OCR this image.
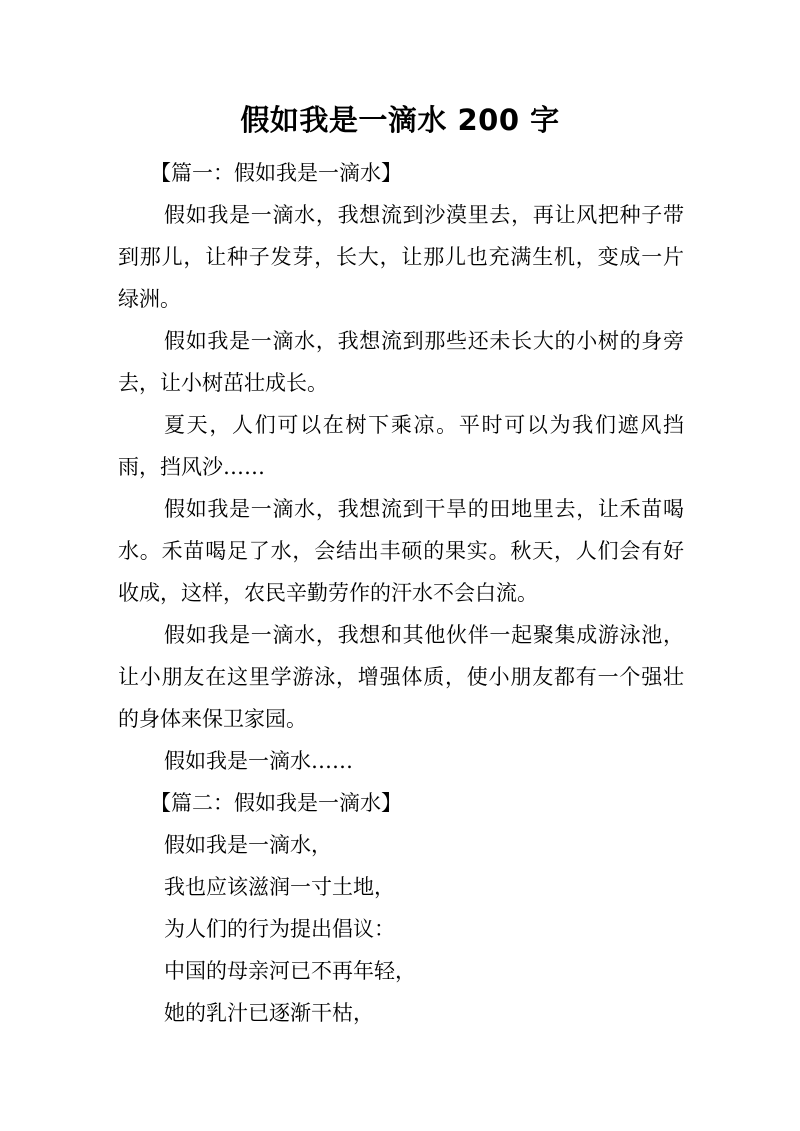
假如我是一滴水 200 字

【篇一：假如我是一滴水】

假如我是一滴水，我想流到沙漠里去，再让风把种子带到那儿，让种子发芽，长大，让那儿也充满生机，变成一片绿洲。

假如我是一滴水，我想流到那些还未长大的小树的身旁去，让小树茁壮成长。

夏天，人们可以在树下乘凉。平时可以为我们遮风挡雨，挡风沙……

假如我是一滴水，我想流到干旱的田地里去，让禾苗喝水。禾苗喝足了水，会结出丰硕的果实。秋天，人们会有好收成，这样，农民辛勤劳作的汗水不会白流。

假如我是一滴水，我想和其他伙伴一起聚集成游泳池，让小朋友在这里学游泳，增强体质，使小朋友都有一个强壮的身体来保卫家园。

假如我是一滴水……

【篇二：假如我是一滴水】

假如我是一滴水，

我也应该滋润一寸土地，

为人们的行为提出倡议：

中国的母亲河已不再年轻，

她的乳汁已逐渐干枯，
